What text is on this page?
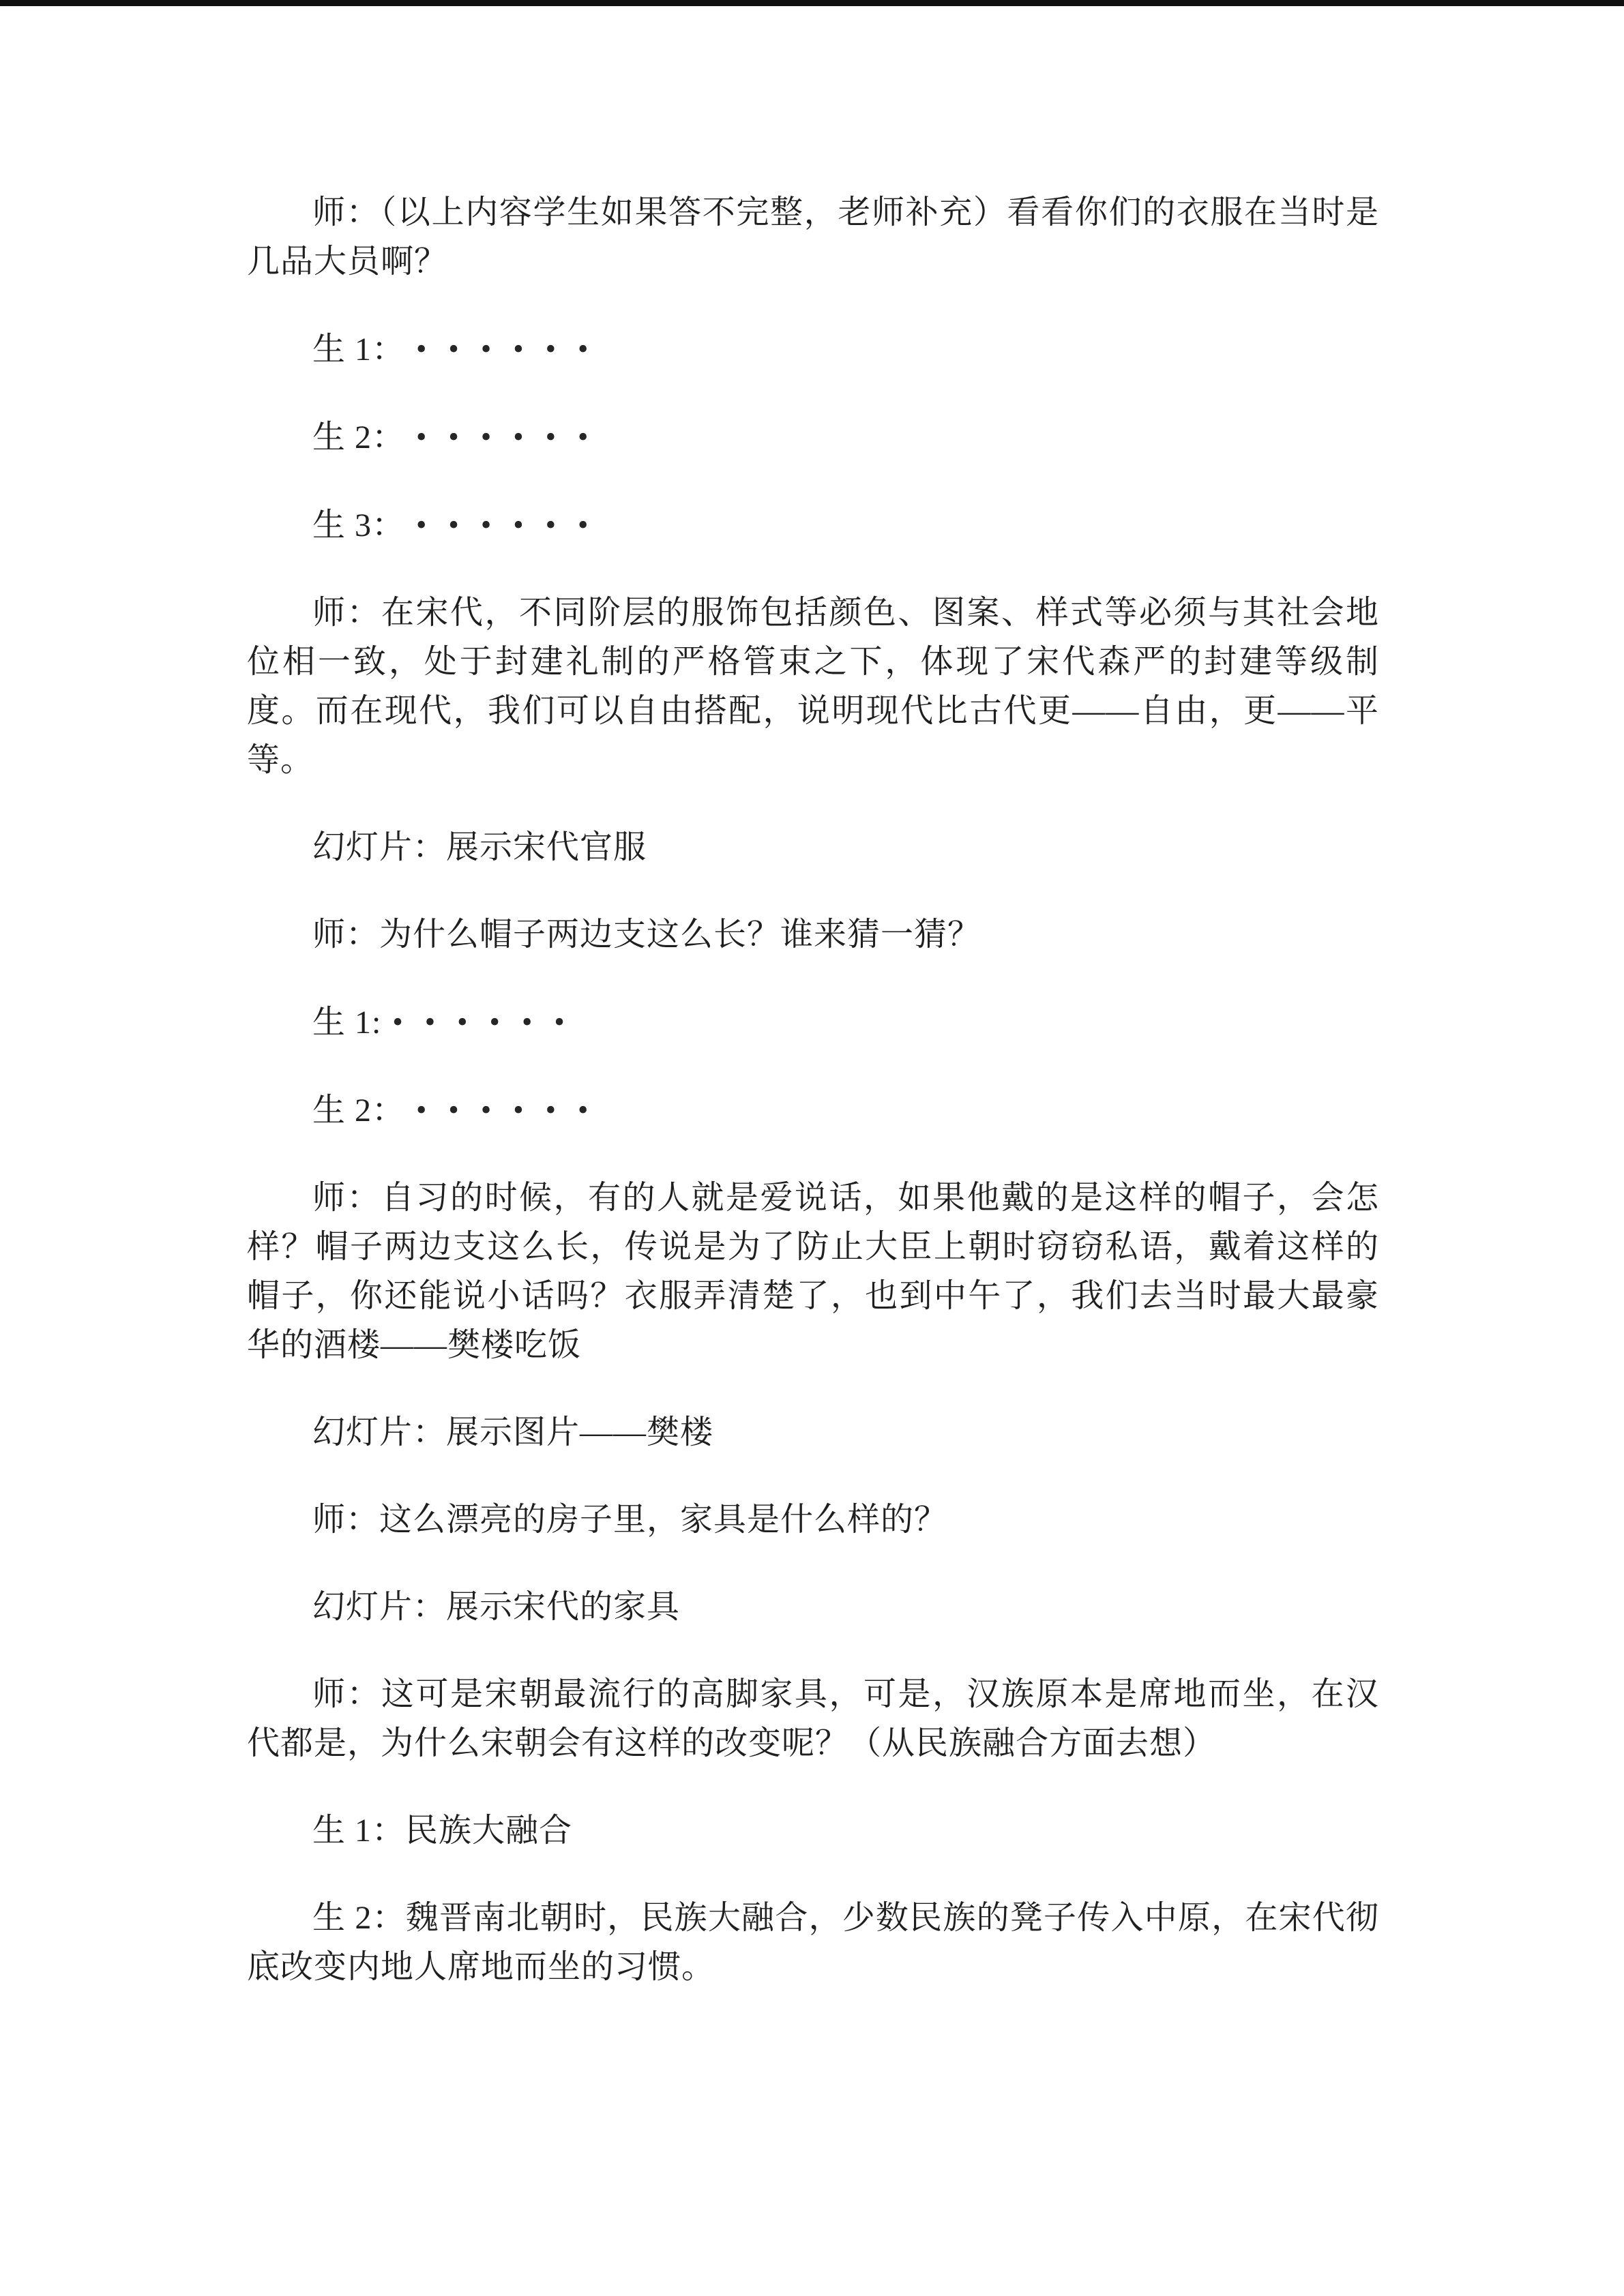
师：（以上内容学生如果答不完整，老师补充）看看你们的衣服在当时是几品大员啊？

生 1： ••••••

生 2： ••••••

生 3： ••••••

师：在宋代，不同阶层的服饰包括颜色、图案、样式等必须与其社会地位相一致，处于封建礼制的严格管束之下，体现了宋代森严的封建等级制度。而在现代，我们可以自由搭配，说明现代比古代更——自由，更——平等。

幻灯片：展示宋代官服

师：为什么帽子两边支这么长？谁来猜一猜？

生 1: ••••••

生 2： ••••••

师：自习的时候，有的人就是爱说话，如果他戴的是这样的帽子，会怎样？帽子两边支这么长，传说是为了防止大臣上朝时窃窃私语，戴着这样的帽子，你还能说小话吗？衣服弄清楚了，也到中午了，我们去当时最大最豪华的酒楼——樊楼吃饭

幻灯片：展示图片——樊楼

师：这么漂亮的房子里，家具是什么样的？

幻灯片：展示宋代的家具

师：这可是宋朝最流行的高脚家具，可是，汉族原本是席地而坐，在汉代都是，为什么宋朝会有这样的改变呢？（从民族融合方面去想）

生 1：民族大融合

生 2：魏晋南北朝时，民族大融合，少数民族的凳子传入中原，在宋代彻底改变内地人席地而坐的习惯。
